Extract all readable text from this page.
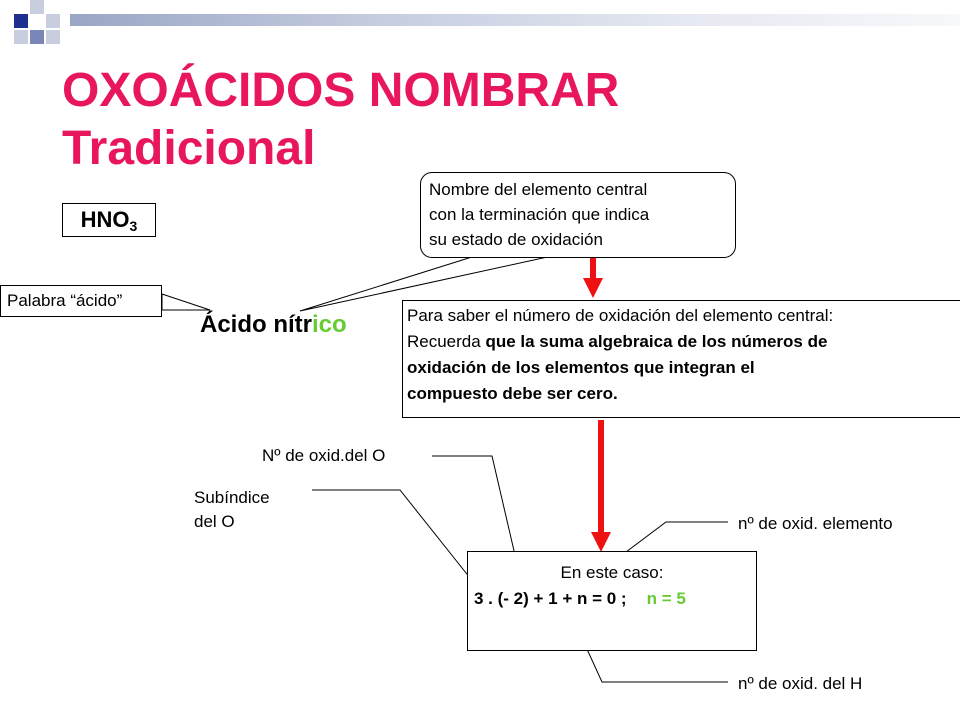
OXOÁCIDOS NOMBRAR
Tradicional
$HNO_3$
Nombre del elemento central
con la terminación que indica
su estado de oxidación
Palabra “ácido”
Ácido nítrico	Para saber el número de oxidación del elemento central:
Recuerda que la suma algebraica de los números de
oxidación de los elementos que integran el
compuesto debe ser cero.
En este caso:
3 . (- 2) + 1 + n = 0 ; n = 5
Nº de oxid.del O
Subíndice
del O	nº de oxid. elemento
nº de oxid. del H
